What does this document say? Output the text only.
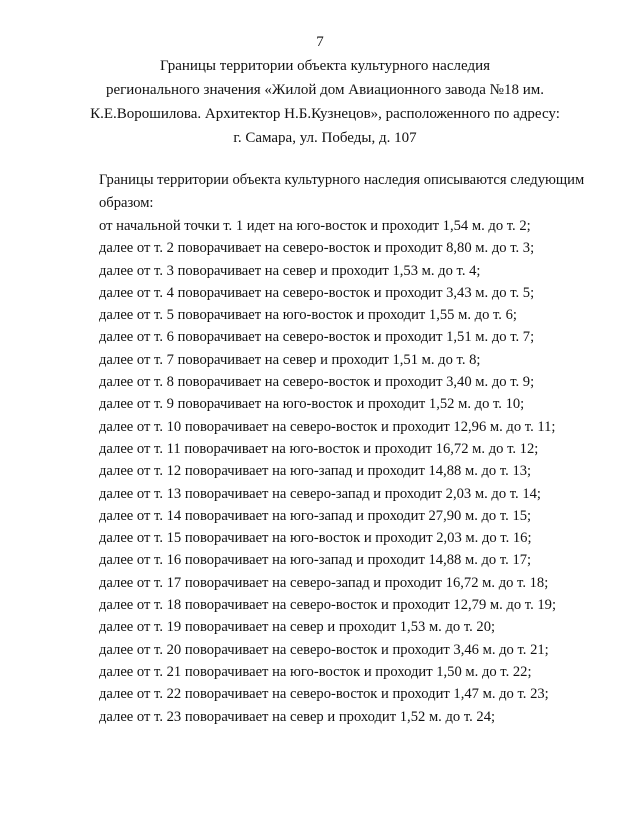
7
Границы территории объекта культурного наследия
регионального значения «Жилой дом Авиационного завода №18 им.
К.Е.Ворошилова. Архитектор Н.Б.Кузнецов», расположенного по адресу:
г. Самара, ул. Победы, д. 107
Границы территории объекта культурного наследия описываются следующим
образом:
от начальной точки т. 1 идет на юго-восток и проходит 1,54 м. до т. 2;
далее от т. 2 поворачивает на северо-восток и проходит 8,80 м. до т. 3;
далее от т. 3 поворачивает на север и проходит 1,53 м. до т. 4;
далее от т. 4 поворачивает на северо-восток и проходит 3,43 м. до т. 5;
далее от т. 5 поворачивает на юго-восток и проходит 1,55 м. до т. 6;
далее от т. 6 поворачивает на северо-восток и проходит 1,51 м. до т. 7;
далее от т. 7 поворачивает на север и проходит 1,51 м. до т. 8;
далее от т. 8 поворачивает на северо-восток и проходит 3,40 м. до т. 9;
далее от т. 9 поворачивает на юго-восток и проходит 1,52 м. до т. 10;
далее от т. 10 поворачивает на северо-восток и проходит 12,96 м. до т. 11;
далее от т. 11 поворачивает на юго-восток и проходит 16,72 м. до т. 12;
далее от т. 12 поворачивает на юго-запад и проходит 14,88 м. до т. 13;
далее от т. 13 поворачивает на северо-запад и проходит 2,03 м. до т. 14;
далее от т. 14 поворачивает на юго-запад и проходит 27,90 м. до т. 15;
далее от т. 15 поворачивает на юго-восток и проходит 2,03 м. до т. 16;
далее от т. 16 поворачивает на юго-запад и проходит 14,88 м. до т. 17;
далее от т. 17 поворачивает на северо-запад и проходит 16,72 м. до т. 18;
далее от т. 18 поворачивает на северо-восток и проходит 12,79 м. до т. 19;
далее от т. 19 поворачивает на север и проходит 1,53 м. до т. 20;
далее от т. 20 поворачивает на северо-восток и проходит 3,46 м. до т. 21;
далее от т. 21 поворачивает на юго-восток и проходит 1,50 м. до т. 22;
далее от т. 22 поворачивает на северо-восток и проходит 1,47 м. до т. 23;
далее от т. 23 поворачивает на север и проходит 1,52 м. до т. 24;
